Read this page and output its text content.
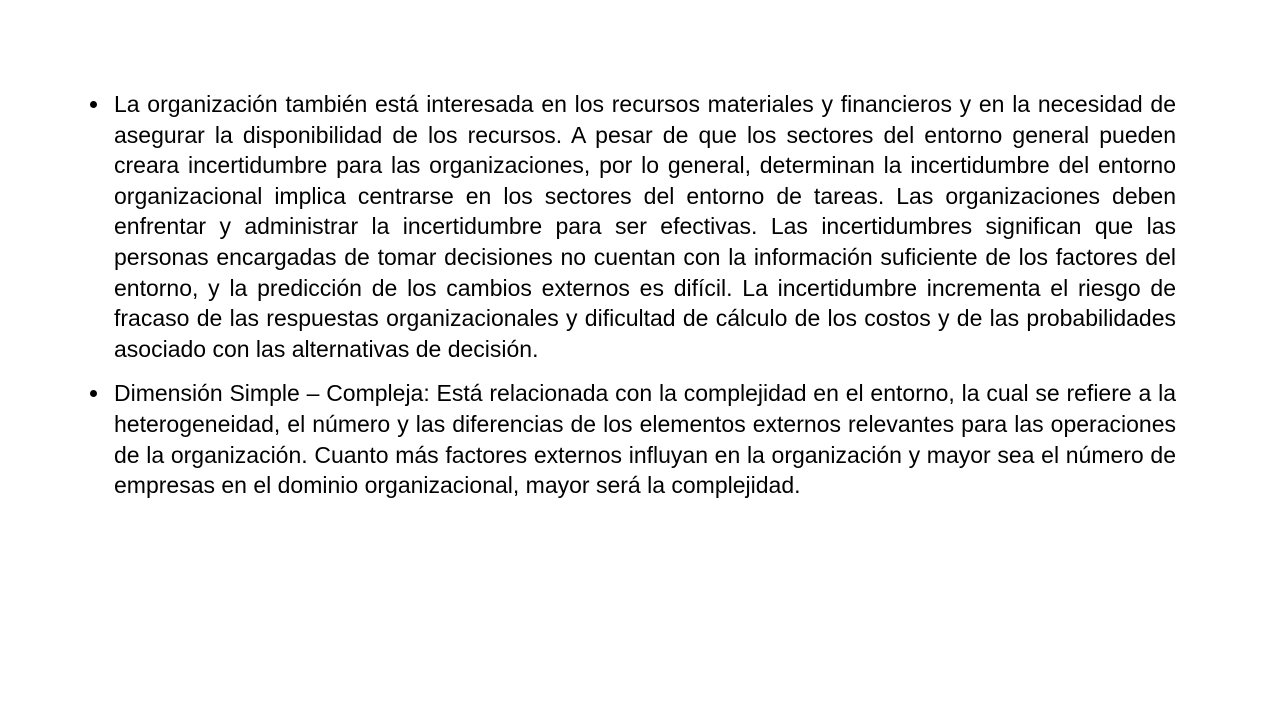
La organización también está interesada en los recursos materiales y financieros y en la necesidad de asegurar la disponibilidad de los recursos. A pesar de que los sectores del entorno general pueden creara incertidumbre para las organizaciones, por lo general, determinan la incertidumbre del entorno organizacional implica centrarse en los sectores del entorno de tareas. Las organizaciones deben enfrentar y administrar la incertidumbre para ser efectivas. Las incertidumbres significan que las personas encargadas de tomar decisiones no cuentan con la información suficiente de los factores del entorno, y la predicción de los cambios externos es difícil. La incertidumbre incrementa el riesgo de fracaso de las respuestas organizacionales y dificultad de cálculo de los costos y de las probabilidades asociado con las alternativas de decisión.

Dimensión Simple – Compleja: Está relacionada con la complejidad en el entorno, la cual se refiere a la heterogeneidad, el número y las diferencias de los elementos externos relevantes para las operaciones de la organización. Cuanto más factores externos influyan en la organización y mayor sea el número de empresas en el dominio organizacional, mayor será la complejidad.
